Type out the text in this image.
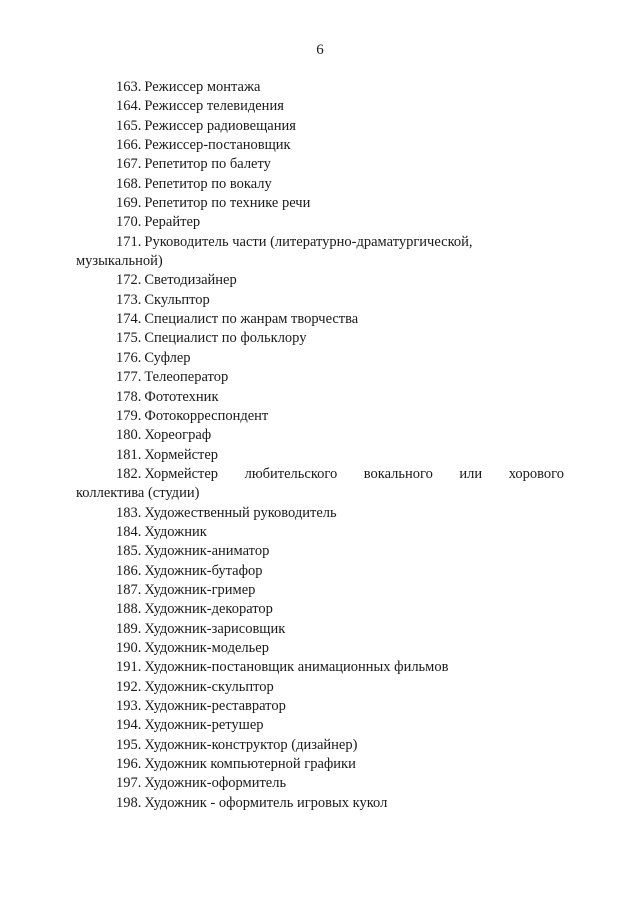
6
163. Режиссер монтажа
164. Режиссер телевидения
165. Режиссер радиовещания
166. Режиссер-постановщик
167. Репетитор по балету
168. Репетитор по вокалу
169. Репетитор по технике речи
170. Рерайтер
171. Руководитель части (литературно-драматургической,
музыкальной)
172. Светодизайнер
173. Скульптор
174. Специалист по жанрам творчества
175. Специалист по фольклору
176. Суфлер
177. Телеоператор
178. Фототехник
179. Фотокорреспондент
180. Хореограф
181. Хормейстер
182. Хормейстер любительского вокального или хорового
коллектива (студии)
183. Художественный руководитель
184. Художник
185. Художник-аниматор
186. Художник-бутафор
187. Художник-гример
188. Художник-декоратор
189. Художник-зарисовщик
190. Художник-модельер
191. Художник-постановщик анимационных фильмов
192. Художник-скульптор
193. Художник-реставратор
194. Художник-ретушер
195. Художник-конструктор (дизайнер)
196. Художник компьютерной графики
197. Художник-оформитель
198. Художник - оформитель игровых кукол
